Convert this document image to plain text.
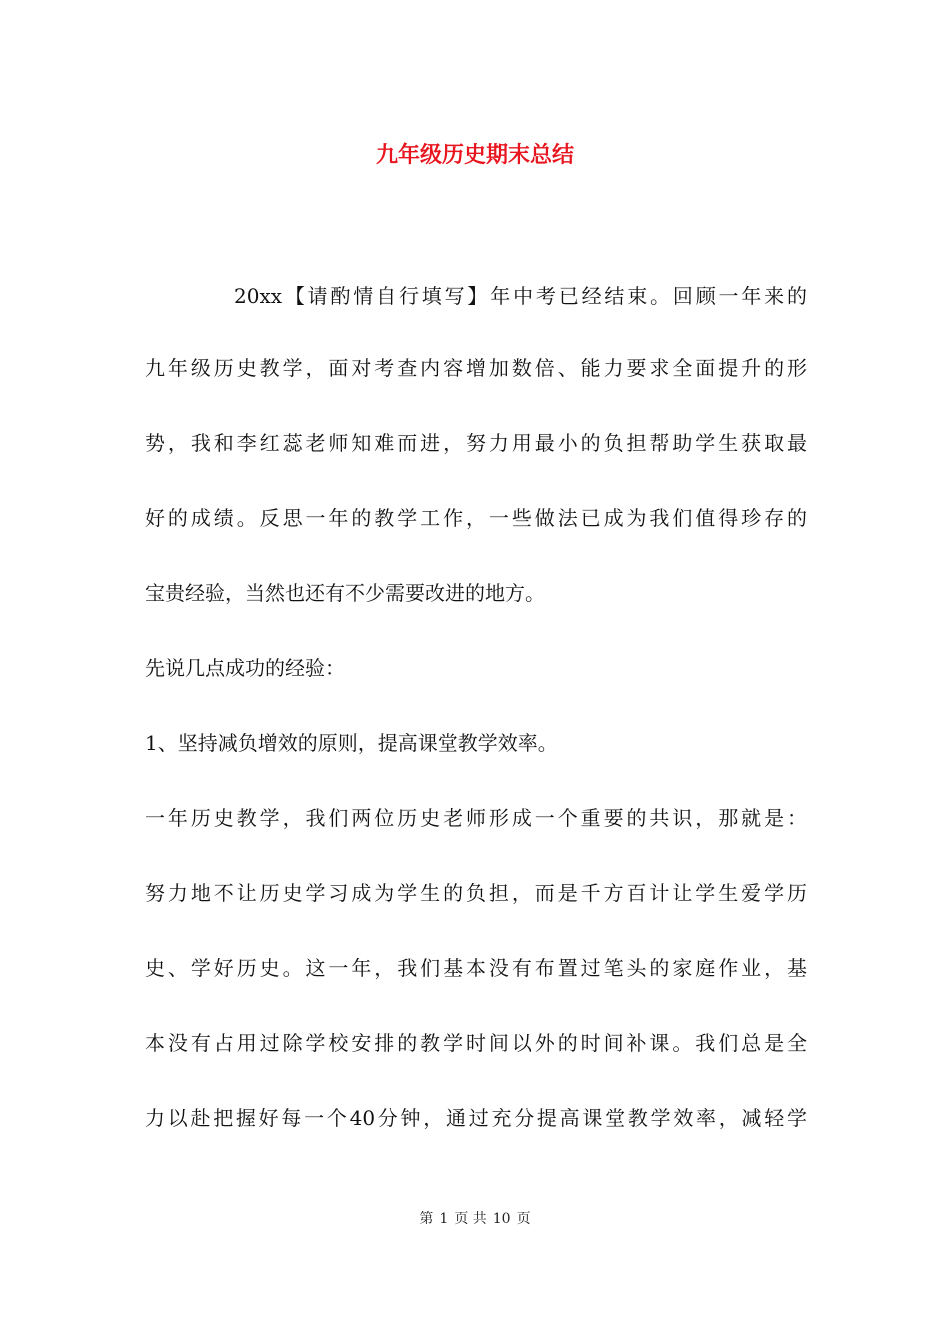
九年级历史期末总结

20xx【请酌情自行填写】年中考已经结束。回顾一年来的

九年级历史教学，面对考查内容增加数倍、能力要求全面提升的形

势，我和李红蕊老师知难而进，努力用最小的负担帮助学生获取最

好的成绩。反思一年的教学工作，一些做法已成为我们值得珍存的

宝贵经验，当然也还有不少需要改进的地方。

先说几点成功的经验：

1、坚持减负增效的原则，提高课堂教学效率。

一年历史教学，我们两位历史老师形成一个重要的共识，那就是：

努力地不让历史学习成为学生的负担，而是千方百计让学生爱学历

史、学好历史。这一年，我们基本没有布置过笔头的家庭作业，基

本没有占用过除学校安排的教学时间以外的时间补课。我们总是全

力以赴把握好每一个40分钟，通过充分提高课堂教学效率，减轻学

第 1 页 共 10 页
